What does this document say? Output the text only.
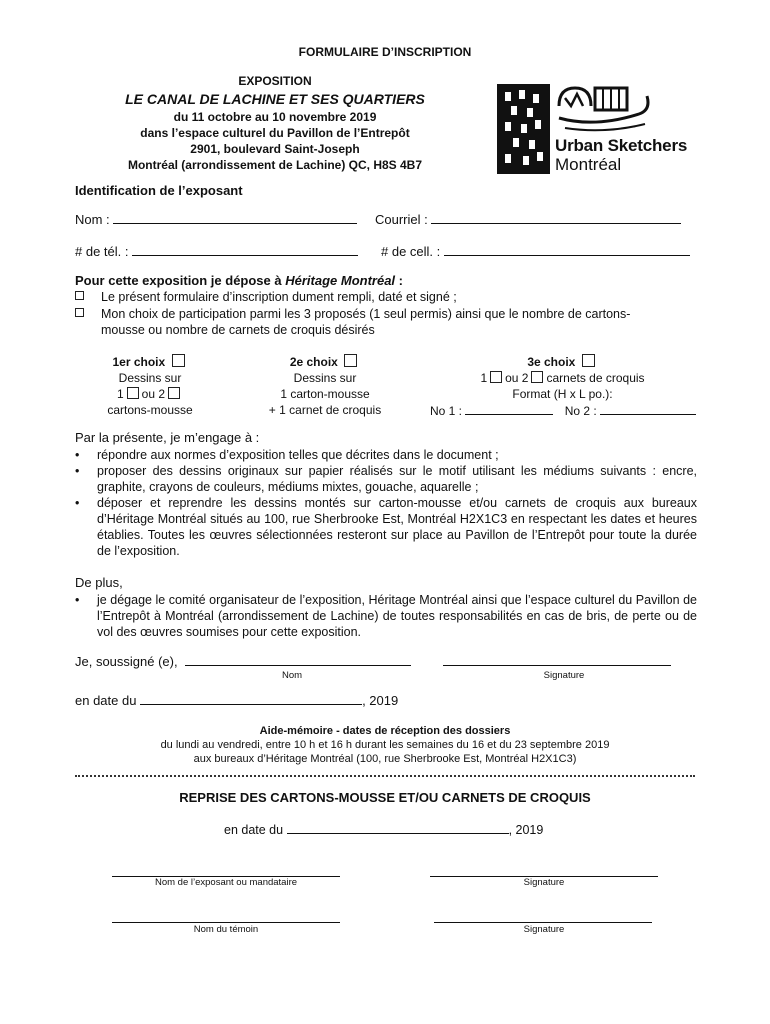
FORMULAIRE D’INSCRIPTION
EXPOSITION
LE CANAL DE LACHINE ET SES QUARTIERS
du 11 octobre au 10 novembre 2019
dans l’espace culturel du Pavillon de l’Entrepôt
2901, boulevard Saint-Joseph
Montréal (arrondissement de Lachine) QC, H8S 4B7
Urban Sketchers
Montréal
Identification de l’exposant
Nom :	Courriel :
# de tél. :	# de cell. :
Pour cette exposition je dépose à Héritage Montréal :
Le présent formulaire d’inscription dument rempli, daté et signé ;
Mon choix de participation parmi les 3 proposés (1 seul permis) ainsi que le nombre de cartons-
mousse ou nombre de carnets de croquis désirés
1er choix
Dessins sur
1 ou 2
cartons-mousse
2e choix
Dessins sur
1 carton-mousse
+ 1 carnet de croquis
3e choix
1 ou 2 carnets de croquis
Format (H x L po.):
No 1 :	No 2 :
Par la présente, je m’engage à :
• répondre aux normes d’exposition telles que décrites dans le document ;
• proposer des dessins originaux sur papier réalisés sur le motif utilisant les médiums suivants : encre, graphite, crayons de couleurs, médiums mixtes, gouache, aquarelle ;
• déposer et reprendre les dessins montés sur carton-mousse et/ou carnets de croquis aux bureaux d’Héritage Montréal situés au 100, rue Sherbrooke Est, Montréal H2X1C3 en respectant les dates et heures établies. Toutes les œuvres sélectionnées resteront sur place au Pavillon de l’Entrepôt pour toute la durée de l’exposition.
De plus,
• je dégage le comité organisateur de l’exposition, Héritage Montréal ainsi que l’espace culturel du Pavillon de l’Entrepôt à Montréal (arrondissement de Lachine) de toutes responsabilités en cas de bris, de perte ou de vol des œuvres soumises pour cette exposition.
Je, soussigné (e),
Nom	Signature
en date du	, 2019
Aide-mémoire - dates de réception des dossiers
du lundi au vendredi, entre 10 h et 16 h durant les semaines du 16 et du 23 septembre 2019
aux bureaux d’Héritage Montréal (100, rue Sherbrooke Est, Montréal H2X1C3)
REPRISE DES CARTONS-MOUSSE ET/OU CARNETS DE CROQUIS
en date du	, 2019
Nom de l’exposant ou mandataire	Signature
Nom du témoin	Signature
